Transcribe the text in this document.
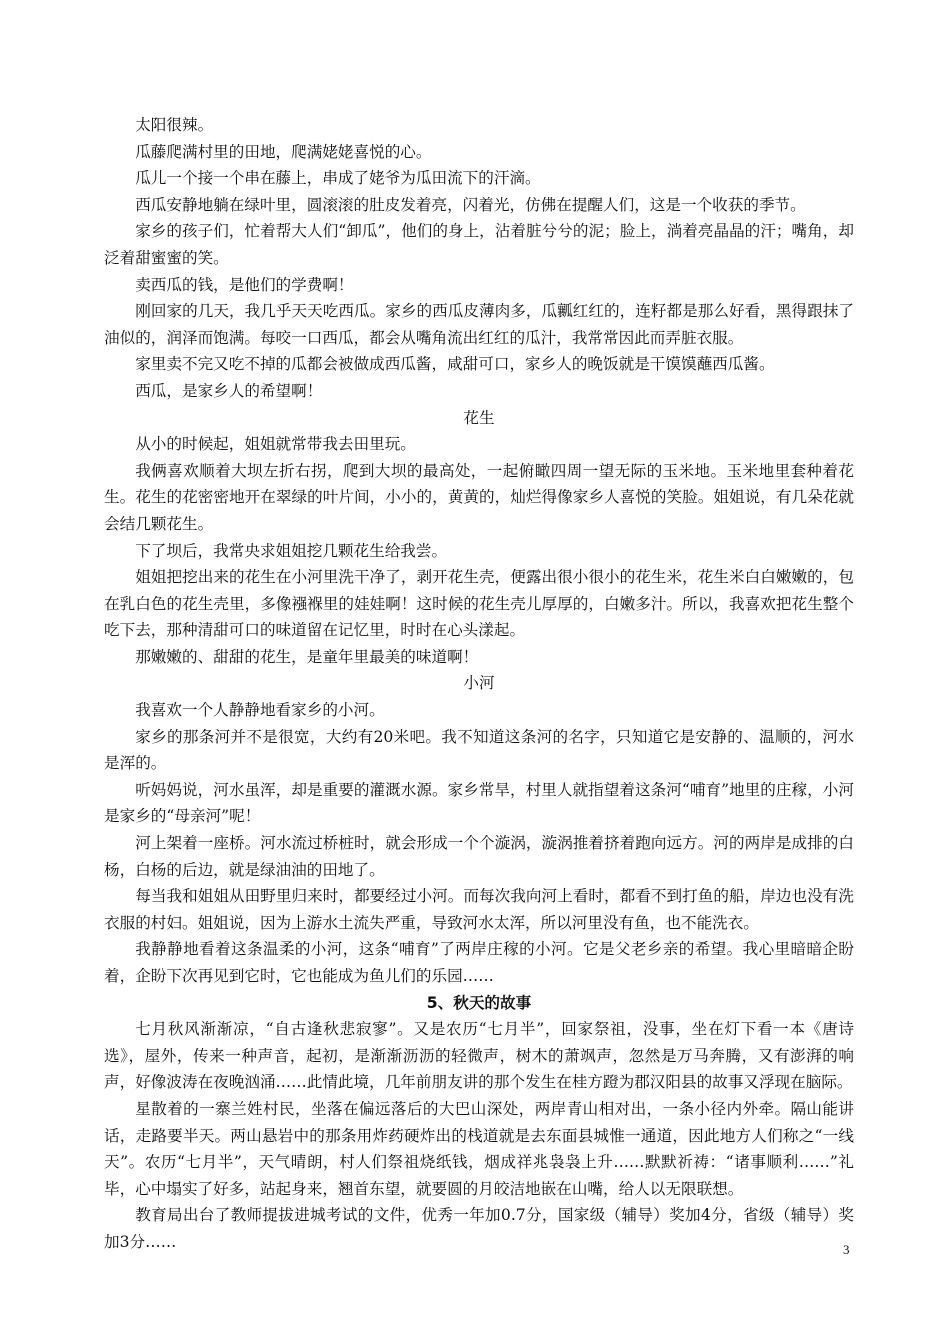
太阳很辣。

瓜藤爬满村里的田地，爬满姥姥喜悦的心。

瓜儿一个接一个串在藤上，串成了姥爷为瓜田流下的汗滴。

西瓜安静地躺在绿叶里，圆滚滚的肚皮发着亮，闪着光，仿佛在提醒人们，这是一个收获的季节。

家乡的孩子们，忙着帮大人们“卸瓜”，他们的身上，沾着脏兮兮的泥；脸上，淌着亮晶晶的汗；嘴角，却泛着甜蜜蜜的笑。

卖西瓜的钱，是他们的学费啊！

刚回家的几天，我几乎天天吃西瓜。家乡的西瓜皮薄肉多，瓜瓤红红的，连籽都是那么好看，黑得跟抹了油似的，润泽而饱满。每咬一口西瓜，都会从嘴角流出红红的瓜汁，我常常因此而弄脏衣服。

家里卖不完又吃不掉的瓜都会被做成西瓜酱，咸甜可口，家乡人的晚饭就是干馍馍蘸西瓜酱。

西瓜，是家乡人的希望啊！

花生

从小的时候起，姐姐就常带我去田里玩。

我俩喜欢顺着大坝左折右拐，爬到大坝的最高处，一起俯瞰四周一望无际的玉米地。玉米地里套种着花生。花生的花密密地开在翠绿的叶片间，小小的，黄黄的，灿烂得像家乡人喜悦的笑脸。姐姐说，有几朵花就会结几颗花生。

下了坝后，我常央求姐姐挖几颗花生给我尝。

姐姐把挖出来的花生在小河里洗干净了，剥开花生壳，便露出很小很小的花生米，花生米白白嫩嫩的，包在乳白色的花生壳里，多像襁褓里的娃娃啊！这时候的花生壳儿厚厚的，白嫩多汁。所以，我喜欢把花生整个吃下去，那种清甜可口的味道留在记忆里，时时在心头漾起。

那嫩嫩的、甜甜的花生，是童年里最美的味道啊！

小河

我喜欢一个人静静地看家乡的小河。

家乡的那条河并不是很宽，大约有20米吧。我不知道这条河的名字，只知道它是安静的、温顺的，河水是浑的。

听妈妈说，河水虽浑，却是重要的灌溉水源。家乡常旱，村里人就指望着这条河“哺育”地里的庄稼，小河是家乡的“母亲河”呢！

河上架着一座桥。河水流过桥桩时，就会形成一个个漩涡，漩涡推着挤着跑向远方。河的两岸是成排的白杨，白杨的后边，就是绿油油的田地了。

每当我和姐姐从田野里归来时，都要经过小河。而每次我向河上看时，都看不到打鱼的船，岸边也没有洗衣服的村妇。姐姐说，因为上游水土流失严重，导致河水太浑，所以河里没有鱼，也不能洗衣。

我静静地看着这条温柔的小河，这条“哺育”了两岸庄稼的小河。它是父老乡亲的希望。我心里暗暗企盼着，企盼下次再见到它时，它也能成为鱼儿们的乐园……

5、秋天的故事

七月秋风渐渐凉，“自古逢秋悲寂寥”。又是农历“七月半”，回家祭祖，没事，坐在灯下看一本《唐诗选》，屋外，传来一种声音，起初，是渐渐沥沥的轻微声，树木的萧飒声，忽然是万马奔腾，又有澎湃的响声，好像波涛在夜晚汹涌……此情此境，几年前朋友讲的那个发生在桂方蹬为郡汉阳县的故事又浮现在脑际。

星散着的一寨兰姓村民，坐落在偏远落后的大巴山深处，两岸青山相对出，一条小径内外牵。隔山能讲话，走路要半天。两山悬岩中的那条用炸药硬炸出的栈道就是去东面县城惟一通道，因此地方人们称之“一线天”。农历“七月半”，天气晴朗，村人们祭祖烧纸钱，烟成祥兆袅袅上升……默默祈祷：“诸事顺利……”礼毕，心中塌实了好多，站起身来，翘首东望，就要圆的月皎洁地嵌在山嘴，给人以无限联想。

教育局出台了教师提拔进城考试的文件，优秀一年加0.7分，国家级（辅导）奖加4分，省级（辅导）奖加3分……	3
